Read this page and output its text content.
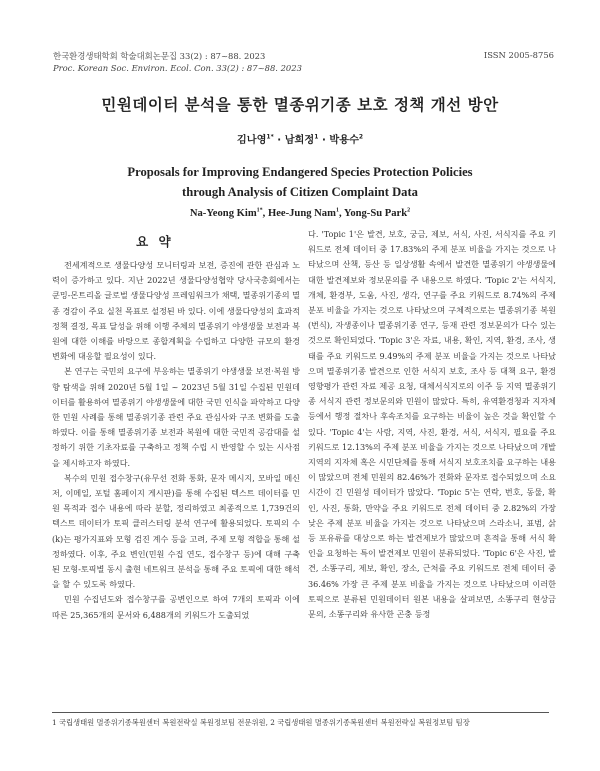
한국환경생태학회 학술대회논문집 33(2) : 87~88. 2023
Proc. Korean Soc. Environ. Ecol. Con. 33(2) : 87~88. 2023
ISSN 2005-8756
민원데이터 분석을 통한 멸종위기종 보호 정책 개선 방안
김나영$^{1*}$ · 남희정$^1$ · 박용수$^2$
Proposals for Improving Endangered Species Protection Policies
through Analysis of Citizen Complaint Data
Na-Yeong Kim$^{1*}$, Hee-Jung Nam$^1$, Yong-Su Park$^2$
요 약

전세계적으로 생물다양성 모니터링과 보전, 증진에 관한 관심과 노력이 증가하고 있다. 지난 2022년 생물다양성협약 당사국총회에서는 쿤밍-몬트리올 글로벌 생물다양성 프레임워크가 채택, 멸종위기종의 멸종 경감이 주요 실천 목표로 설정된 바 있다. 이에 생물다양성의 효과적 정책 결정, 목표 달성을 위해 이행 주체의 멸종위기 야생생물 보전과 복원에 대한 이해를 바탕으로 종합계획을 수립하고 다양한 규모의 환경 변화에 대응할 필요성이 있다.

본 연구는 국민의 요구에 부응하는 멸종위기 야생생물 보전·복원 방향 탐색을 위해 2020년 5월 1일 ~ 2023년 5월 31일 수집된 민원데이터를 활용하여 멸종위기 야생생물에 대한 국민 인식을 파악하고 다양한 민원 사례를 통해 멸종위기종 관련 주요 관심사와 구조 변화를 도출하였다. 이를 통해 멸종위기종 보전과 복원에 대한 국민적 공감대를 설정하기 위한 기초자료를 구축하고 정책 수립 시 반영할 수 있는 시사점을 제시하고자 하였다.

복수의 민원 접수창구(유무선 전화 통화, 문자 메시지, 모바일 메신저, 이메일, 포털 홈페이지 게시판)를 통해 수집된 텍스트 데이터를 민원 목적과 접수 내용에 따라 분할, 정리하였고 최종적으로 1,739건의 텍스트 데이터가 토픽 클러스터링 분석 연구에 활용되었다. 토픽의 수(k)는 평가지표와 모형 검진 계수 등을 고려, 주제 모형 적합을 통해 설정하였다. 이후, 주요 변인(민원 수집 연도, 접수창구 등)에 대해 구축된 모형-토픽별 동시 출현 네트워크 분석을 통해 주요 토픽에 대한 해석을 할 수 있도록 하였다.

민원 수집년도와 접수창구를 공변인으로 하여 7개의 토픽과 이에 따른 25,365개의 문서와 6,488개의 키워드가 도출되었

다. 'Topic 1'은 발견, 보호, 궁금, 제보, 서식, 사진, 서식지를 주요 키워드로 전체 데이터 중 17.83%의 주제 분포 비율을 가지는 것으로 나타났으며 산책, 등산 등 일상생활 속에서 발견한 멸종위기 야생생물에 대한 발견제보와 정보문의를 주 내용으로 하였다. 'Topic 2'는 서식지, 개체, 환경부, 도움, 사진, 생각, 연구를 주요 키워드로 8.74%의 주제 분포 비율을 가지는 것으로 나타났으며 구체적으로는 멸종위기종 복원(번식), 자생종이나 멸종위기종 연구, 등재 관련 정보문의가 다수 있는 것으로 확인되었다. 'Topic 3'은 자료, 내용, 확인, 지역, 환경, 조사, 생태를 주요 키워드로 9.49%의 주제 분포 비율을 가지는 것으로 나타났으며 멸종위기종 발견으로 인한 서식지 보호, 조사 등 대책 요구, 환경영향평가 관련 자료 제공 요청, 대체서식지로의 이주 등 지역 멸종위기종 서식지 관련 정보문의와 민원이 많았다. 특히, 유역환경청과 지자체 등에서 행정 절차나 후속조치를 요구하는 비율이 높은 것을 확인할 수 있다. 'Topic 4'는 사람, 지역, 사진, 환경, 서식, 서식지, 필요를 주요 키워드로 12.13%의 주제 분포 비율을 가지는 것으로 나타났으며 개발 지역의 지자체 혹은 시민단체를 통해 서식지 보호조치를 요구하는 내용이 많았으며 전체 민원의 82.46%가 전화와 문자로 접수되었으며 소요 시간이 긴 민원성 데이터가 많았다. 'Topic 5'는 연락, 번호, 동물, 확인, 사진, 통화, 만약을 주요 키워드로 전체 데이터 중 2.82%의 가장 낮은 주제 분포 비율을 가지는 것으로 나타났으며 스라소니, 표범, 삵 등 포유류를 대상으로 하는 발견제보가 많았으며 흔적을 통해 서식 확인을 요청하는 특이 발견제보 민원이 분류되었다. 'Topic 6'은 사진, 발견, 소똥구리, 제보, 확인, 장소, 근처를 주요 키워드로 전체 데이터 중 36.46% 가장 큰 주제 분포 비율을 가지는 것으로 나타났으며 이러한 토픽으로 분류된 민원데이터 원본 내용을 살펴보면, 소똥구리 현상금 문의, 소똥구리와 유사한 곤충 등정

1 국립생태원 멸종위기종복원센터 복원전략실 복원정보팀 전문위원, 2 국립생태원 멸종위기종복원센터 복원전략실 복원정보팀 팀장
